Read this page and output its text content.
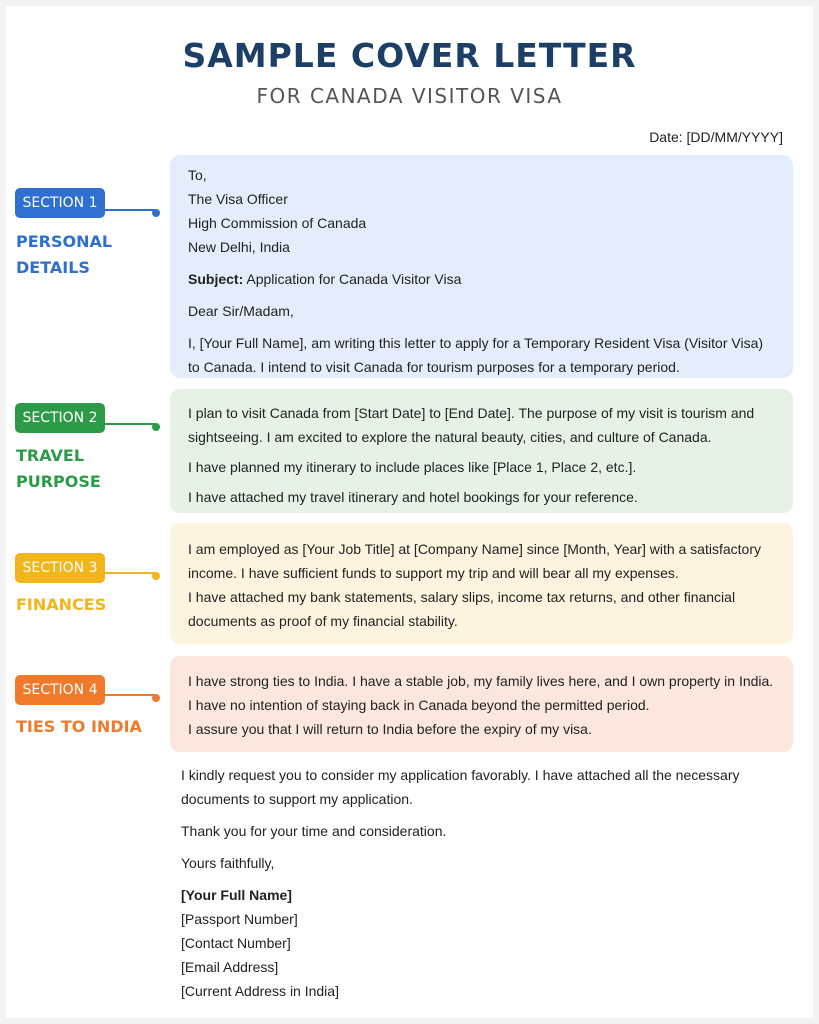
SAMPLE COVER LETTER
FOR CANADA VISITOR VISA
Date: [DD/MM/YYYY]
SECTION 1
PERSONAL
DETAILS

To,

The Visa Officer

High Commission of Canada

New Delhi, India

Subject: Application for Canada Visitor Visa

Dear Sir/Madam,

I, [Your Full Name], am writing this letter to apply for a Temporary Resident Visa (Visitor Visa)

to Canada. I intend to visit Canada for tourism purposes for a temporary period.

SECTION 2
TRAVEL
PURPOSE

I plan to visit Canada from [Start Date] to [End Date]. The purpose of my visit is tourism and

sightseeing. I am excited to explore the natural beauty, cities, and culture of Canada.

I have planned my itinerary to include places like [Place 1, Place 2, etc.].

I have attached my travel itinerary and hotel bookings for your reference.

SECTION 3
FINANCES

I am employed as [Your Job Title] at [Company Name] since [Month, Year] with a satisfactory

income. I have sufficient funds to support my trip and will bear all my expenses.

I have attached my bank statements, salary slips, income tax returns, and other financial

documents as proof of my financial stability.

SECTION 4
TIES TO INDIA

I have strong ties to India. I have a stable job, my family lives here, and I own property in India.

I have no intention of staying back in Canada beyond the permitted period.

I assure you that I will return to India before the expiry of my visa.

I kindly request you to consider my application favorably. I have attached all the necessary

documents to support my application.

Thank you for your time and consideration.

Yours faithfully,

[Your Full Name]

[Passport Number]

[Contact Number]

[Email Address]

[Current Address in India]
